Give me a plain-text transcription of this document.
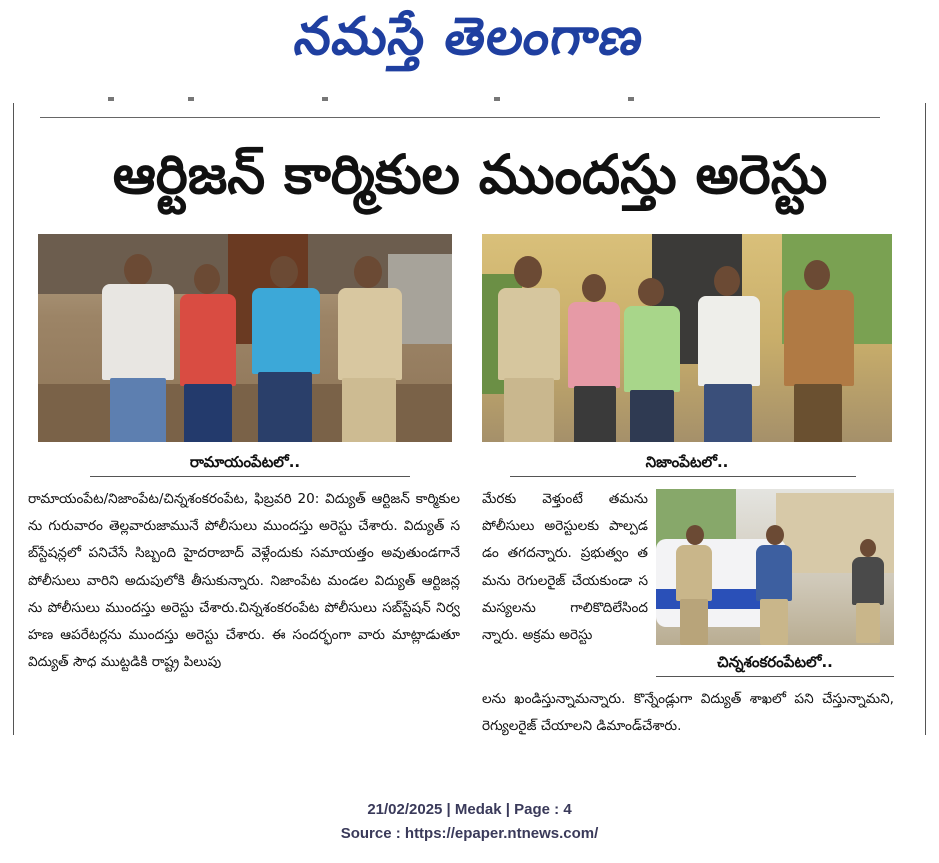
నమస్తే తెలంగాణ
ఆర్టిజన్ కార్మికుల ముందస్తు అరెస్టు
రామాయంపేటలో..	నిజాంపేటలో..
రామాయంపేట/నిజాంపేట/చిన్నశంకరంపేట, ఫిబ్రవరి 20: విద్యుత్ ఆర్టిజన్ కార్మికులను గురువారం తెల్లవారుజామునే పోలీసులు ముందస్తు అరెస్టు చేశారు. విద్యుత్ సబ్‌స్టేషన్లలో పనిచేసే సిబ్బంది హైదరాబాద్ వెళ్లేందుకు సమాయత్తం అవుతుండగానే పోలీసులు వారిని అదుపులోకి తీసుకున్నారు. నిజాంపేట మండల విద్యుత్ ఆర్టిజన్లను పోలీసులు ముందస్తు అరెస్టు చేశారు.చిన్నశంకరంపేట పోలీసులు సబ్‌స్టేషన్ నిర్వహణ ఆపరేటర్లను ముందస్తు అరెస్టు చేశారు. ఈ సందర్భంగా వారు మాట్లాడుతూ విద్యుత్ సౌధ ముట్టడికి రాష్ట్ర పిలుపు
మేరకు వెళ్తుంటే తమను పోలీసులు అరెస్టులకు పాల్పడడం తగదన్నారు. ప్రభుత్వం తమను రెగులరైజ్ చేయకుండా సమస్యలను గాలికొదిలేసిందన్నారు. అక్రమ అరెస్టు
చిన్నశంకరంపేటలో..
లను ఖండిస్తున్నామన్నారు. కొన్నేండ్లుగా విద్యుత్ శాఖలో పని చేస్తున్నామని, రెగ్యులరైజ్ చేయాలని డిమాండ్‌చేశారు.
21/02/2025 | Medak | Page : 4
Source : https://epaper.ntnews.com/
